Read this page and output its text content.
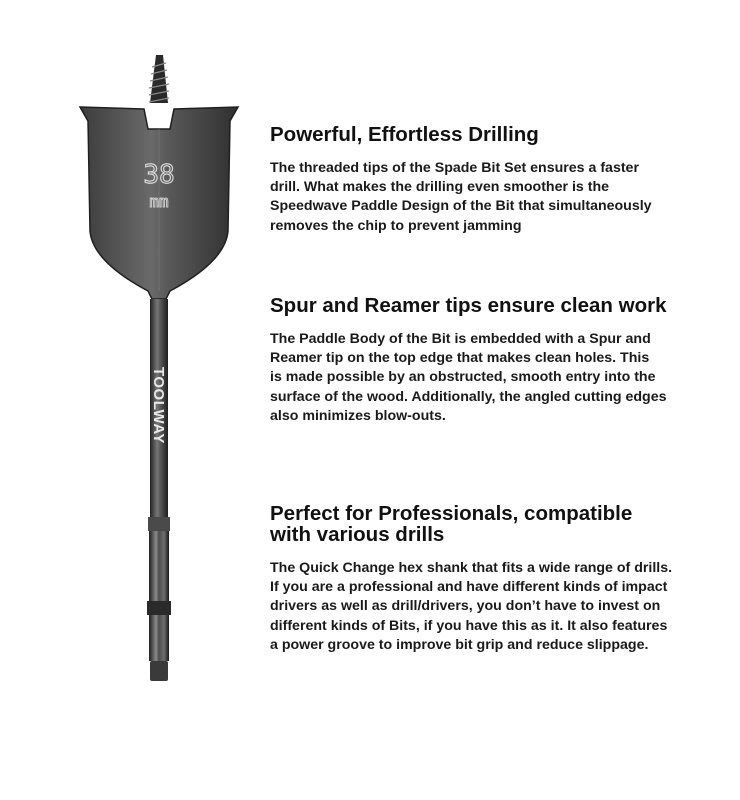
38
mm
TOOLWAY
Powerful, Effortless Drilling

The threaded tips of the Spade Bit Set ensures a faster
drill. What makes the drilling even smoother is the
Speedwave Paddle Design of the Bit that simultaneously
removes the chip to prevent jamming

Spur and Reamer tips ensure clean work

The Paddle Body of the Bit is embedded with a Spur and
Reamer tip on the top edge that makes clean holes. This
is made possible by an obstructed, smooth entry into the
surface of the wood. Additionally, the angled cutting edges
also minimizes blow-outs.

Perfect for Professionals, compatible
with various drills

The Quick Change hex shank that fits a wide range of drills.
If you are a professional and have different kinds of impact
drivers as well as drill/drivers, you don’t have to invest on
different kinds of Bits, if you have this as it. It also features
a power groove to improve bit grip and reduce slippage.
